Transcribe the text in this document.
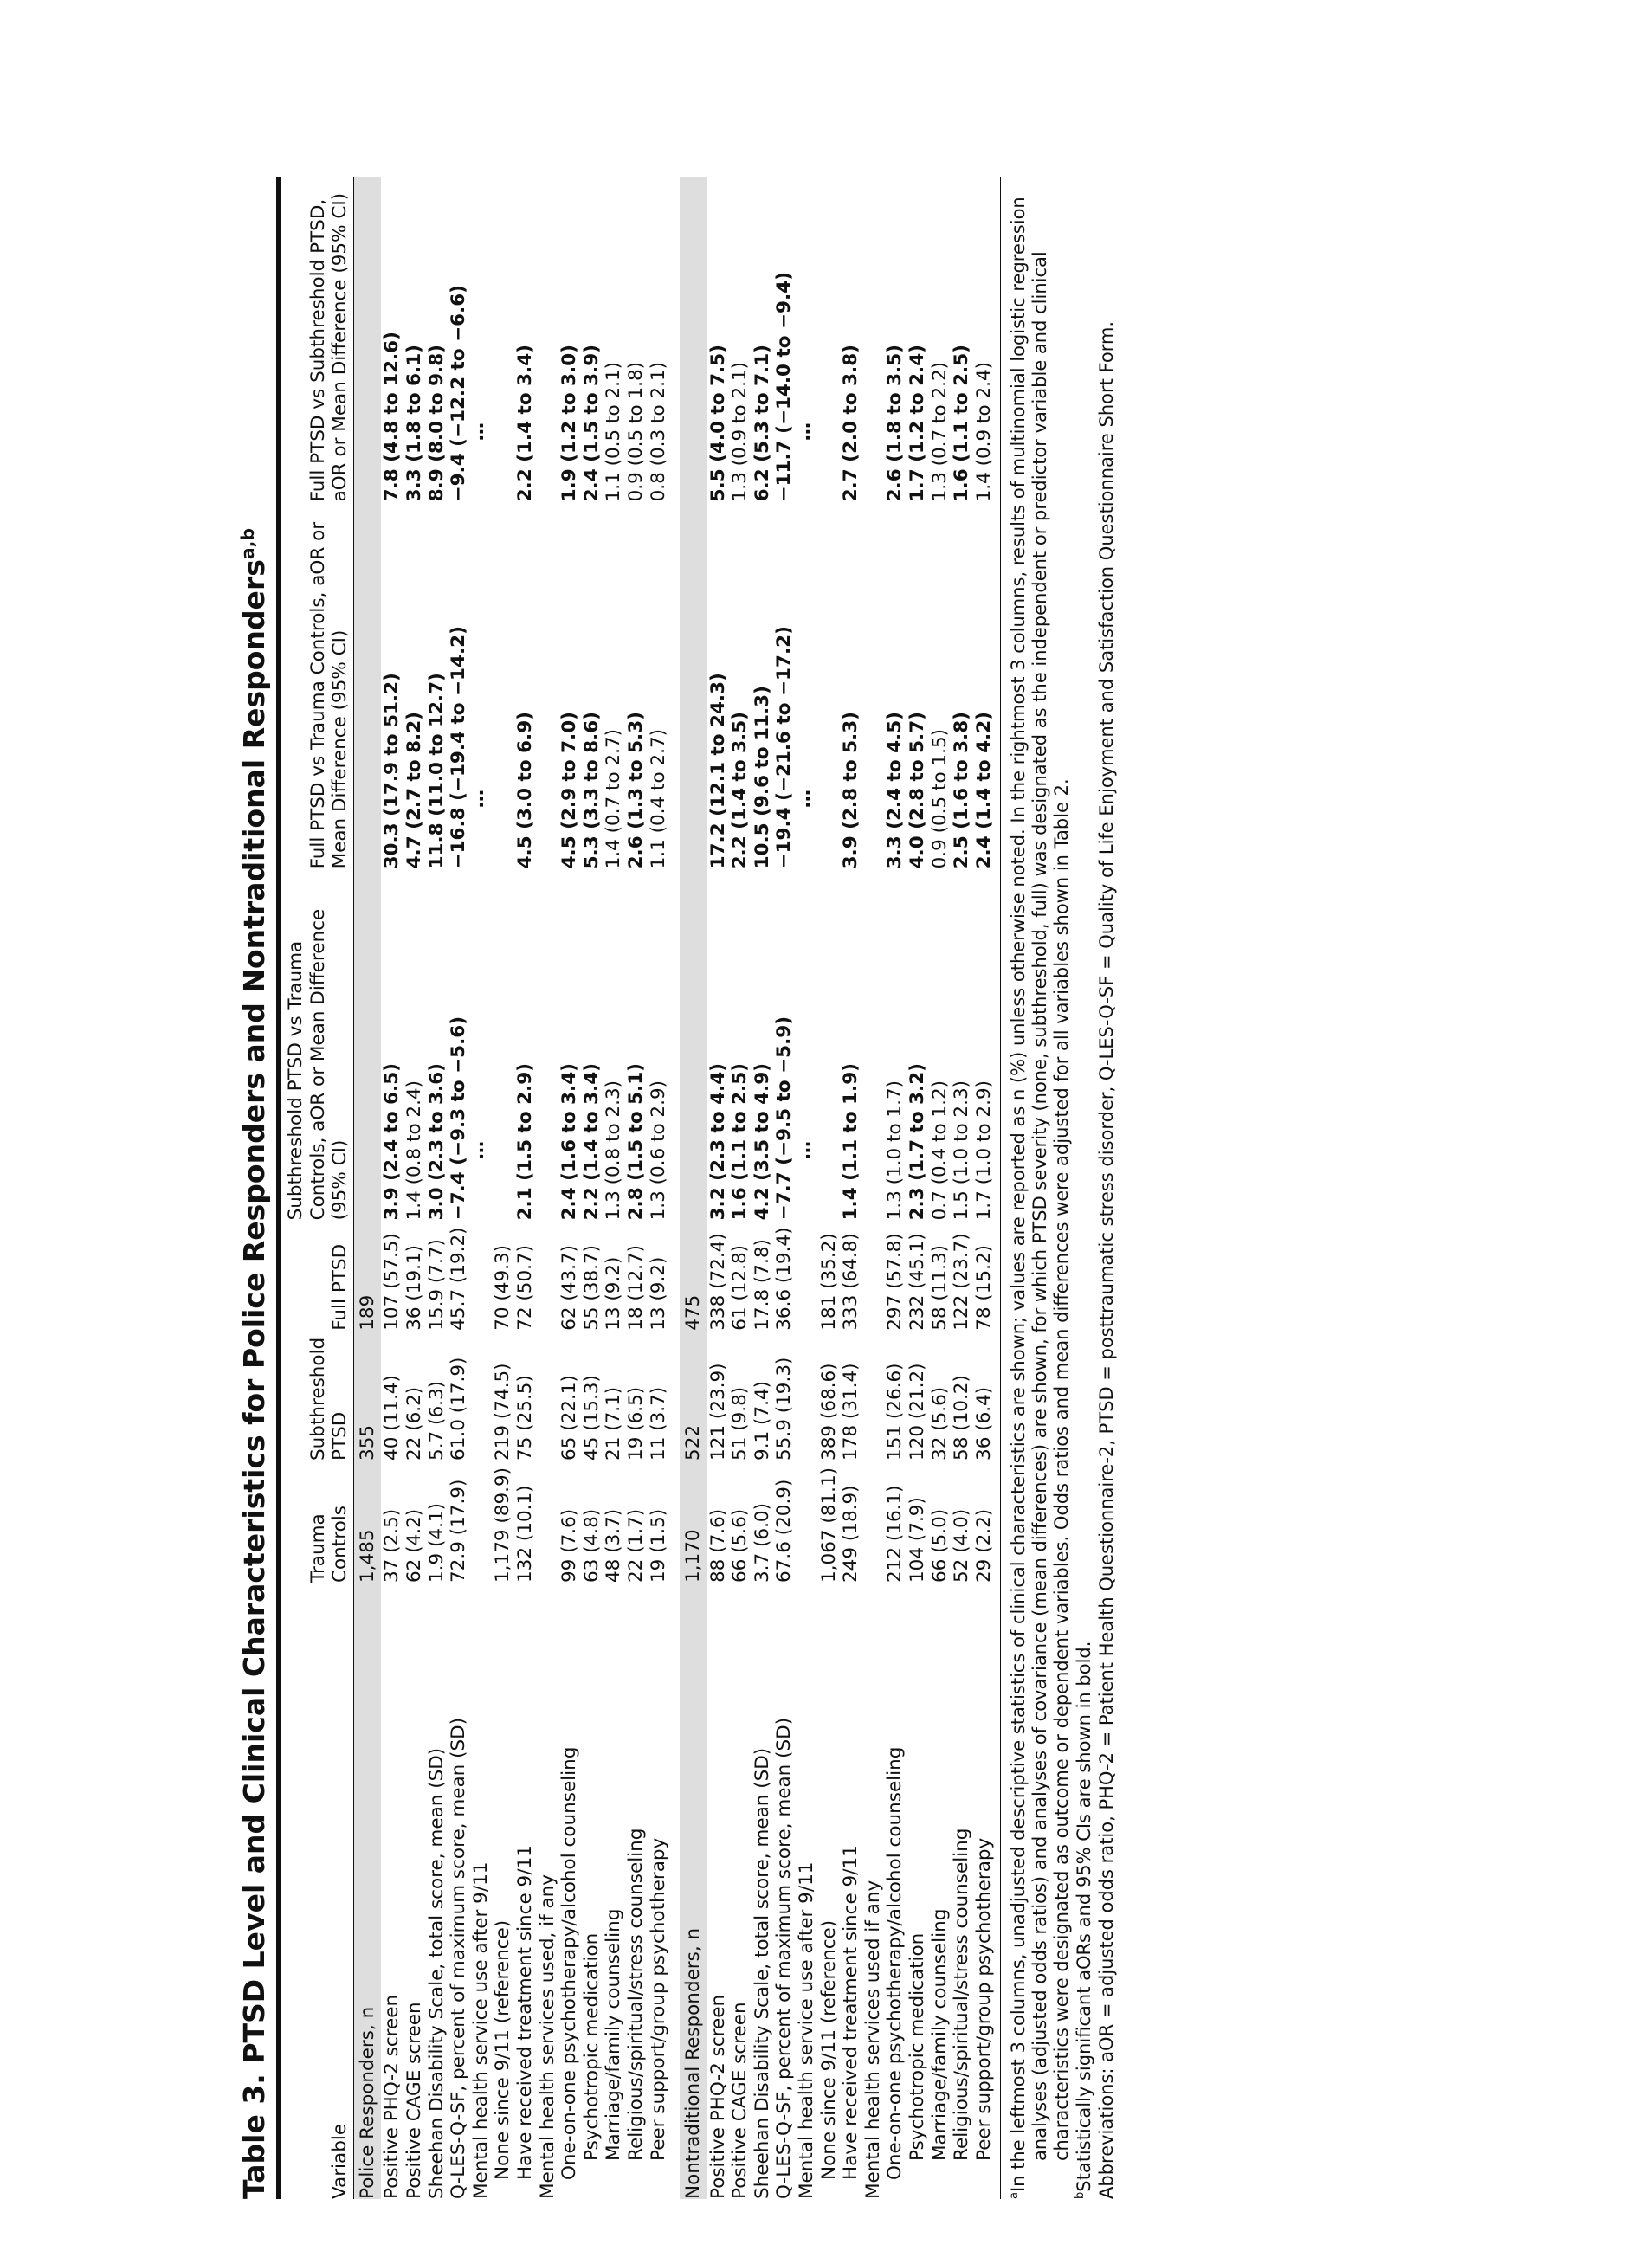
Table 3. PTSD Level and Clinical Characteristics for Police Responders and Nontraditional Responders$^{a,b}$
Variable	Trauma Controls	Subthreshold PTSD	Full PTSD	Subthreshold PTSD vs Trauma Controls, aOR or Mean Difference (95% CI)	Full PTSD vs Trauma Controls, aOR or Mean Difference (95% CI)	Full PTSD vs Subthreshold PTSD, aOR or Mean Difference (95% CI)
Police Responders, n	1,485	355	189			
Positive PHQ-2 screen	37 (2.5)	40 (11.4)	107 (57.5)	3.9 (2.4 to 6.5)	30.3 (17.9 to 51.2)	7.8 (4.8 to 12.6)
Positive CAGE screen	62 (4.2)	22 (6.2)	36 (19.1)	1.4 (0.8 to 2.4)	4.7 (2.7 to 8.2)	3.3 (1.8 to 6.1)
Sheehan Disability Scale, total score, mean (SD)	1.9 (4.1)	5.7 (6.3)	15.9 (7.7)	3.0 (2.3 to 3.6)	11.8 (11.0 to 12.7)	8.9 (8.0 to 9.8)
Q-LES-Q-SF, percent of maximum score, mean (SD)	72.9 (17.9)	61.0 (17.9)	45.7 (19.2)	−7.4 (−9.3 to −5.6)	−16.8 (−19.4 to −14.2)	−9.4 (−12.2 to −6.6)
Mental health service use after 9/11						
None since 9/11 (reference)	1,179 (89.9)	219 (74.5)	70 (49.3)	…	…	…

Have received treatment since 9/11	132 (10.1)	75 (25.5)	72 (50.7)	2.1 (1.5 to 2.9)	4.5 (3.0 to 6.9)	2.2 (1.4 to 3.4)
Mental health services used, if any						
One-on-one psychotherapy/alcohol counseling	99 (7.6)	65 (22.1)	62 (43.7)	2.4 (1.6 to 3.4)	4.5 (2.9 to 7.0)	1.9 (1.2 to 3.0)
Psychotropic medication	63 (4.8)	45 (15.3)	55 (38.7)	2.2 (1.4 to 3.4)	5.3 (3.3 to 8.6)	2.4 (1.5 to 3.9)
Marriage/family counseling	48 (3.7)	21 (7.1)	13 (9.2)	1.3 (0.8 to 2.3)	1.4 (0.7 to 2.7)	1.1 (0.5 to 2.1)
Religious/spiritual/stress counseling	22 (1.7)	19 (6.5)	18 (12.7)	2.8 (1.5 to 5.1)	2.6 (1.3 to 5.3)	0.9 (0.5 to 1.8)
Peer support/group psychotherapy	19 (1.5)	11 (3.7)	13 (9.2)	1.3 (0.6 to 2.9)	1.1 (0.4 to 2.7)	0.8 (0.3 to 2.1)

Nontraditional Responders, n	1,170	522	475			
Positive PHQ-2 screen	88 (7.6)	121 (23.9)	338 (72.4)	3.2 (2.3 to 4.4)	17.2 (12.1 to 24.3)	5.5 (4.0 to 7.5)
Positive CAGE screen	66 (5.6)	51 (9.8)	61 (12.8)	1.6 (1.1 to 2.5)	2.2 (1.4 to 3.5)	1.3 (0.9 to 2.1)
Sheehan Disability Scale, total score, mean (SD)	3.7 (6.0)	9.1 (7.4)	17.8 (7.8)	4.2 (3.5 to 4.9)	10.5 (9.6 to 11.3)	6.2 (5.3 to 7.1)
Q-LES-Q-SF, percent of maximum score, mean (SD)	67.6 (20.9)	55.9 (19.3)	36.6 (19.4)	−7.7 (−9.5 to −5.9)	−19.4 (−21.6 to −17.2)	−11.7 (−14.0 to −9.4)
Mental health service use after 9/11						
None since 9/11 (reference)	1,067 (81.1)	389 (68.6)	181 (35.2)	…	…	…

Have received treatment since 9/11	249 (18.9)	178 (31.4)	333 (64.8)	1.4 (1.1 to 1.9)	3.9 (2.8 to 5.3)	2.7 (2.0 to 3.8)
Mental health services used if any						
One-on-one psychotherapy/alcohol counseling	212 (16.1)	151 (26.6)	297 (57.8)	1.3 (1.0 to 1.7)	3.3 (2.4 to 4.5)	2.6 (1.8 to 3.5)
Psychotropic medication	104 (7.9)	120 (21.2)	232 (45.1)	2.3 (1.7 to 3.2)	4.0 (2.8 to 5.7)	1.7 (1.2 to 2.4)
Marriage/family counseling	66 (5.0)	32 (5.6)	58 (11.3)	0.7 (0.4 to 1.2)	0.9 (0.5 to 1.5)	1.3 (0.7 to 2.2)
Religious/spiritual/stress counseling	52 (4.0)	58 (10.2)	122 (23.7)	1.5 (1.0 to 2.3)	2.5 (1.6 to 3.8)	1.6 (1.1 to 2.5)
Peer support/group psychotherapy	29 (2.2)	36 (6.4)	78 (15.2)	1.7 (1.0 to 2.9)	2.4 (1.4 to 4.2)	1.4 (0.9 to 2.4)

$^a$In the leftmost 3 columns, unadjusted descriptive statistics of clinical characteristics are shown; values are reported as n (%) unless otherwise noted. In the rightmost 3 columns, results of multinomial logistic regression analyses (adjusted odds ratios) and analyses of covariance (mean differences) are shown, for which PTSD severity (none, subthreshold, full) was designated as the independent or predictor variable and clinical characteristics were designated as outcome or dependent variables. Odds ratios and mean differences were adjusted for all variables shown in Table 2.

$^b$Statistically significant aORs and 95% CIs are shown in bold. Abbreviations: aOR = adjusted odds ratio, PHQ-2 = Patient Health Questionnaire-2, PTSD = posttraumatic stress disorder, Q-LES-Q-SF = Quality of Life Enjoyment and Satisfaction Questionnaire Short Form.
